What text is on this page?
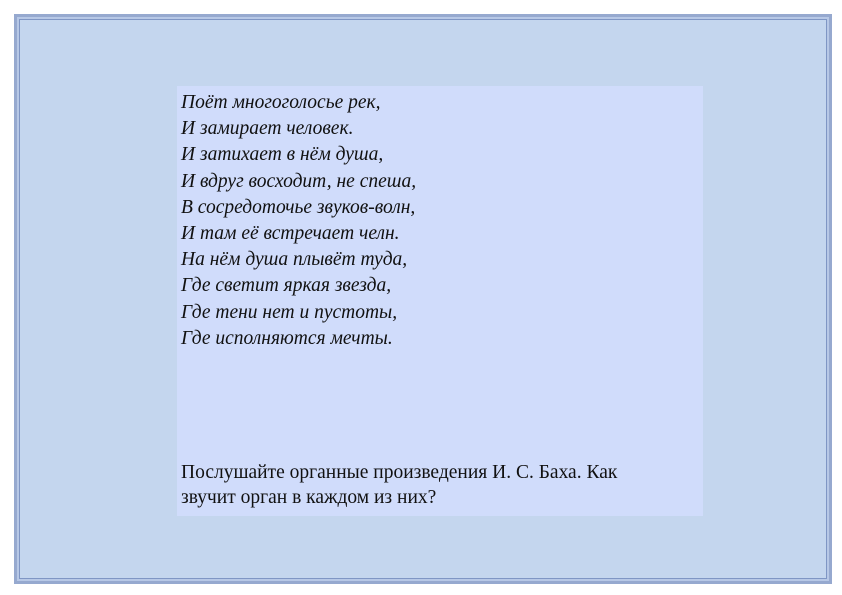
Поёт многоголосье рек,
И замирает человек.
И затихает в нём душа,
И вдруг восходит, не спеша,
В сосредоточье звуков-волн,
И там её встречает челн.
На нём душа плывёт туда,
Где светит яркая звезда,
Где тени нет и пустоты,
Где исполняются мечты.

Послушайте органные произведения И. С. Баха. Как
звучит орган в каждом из них?
